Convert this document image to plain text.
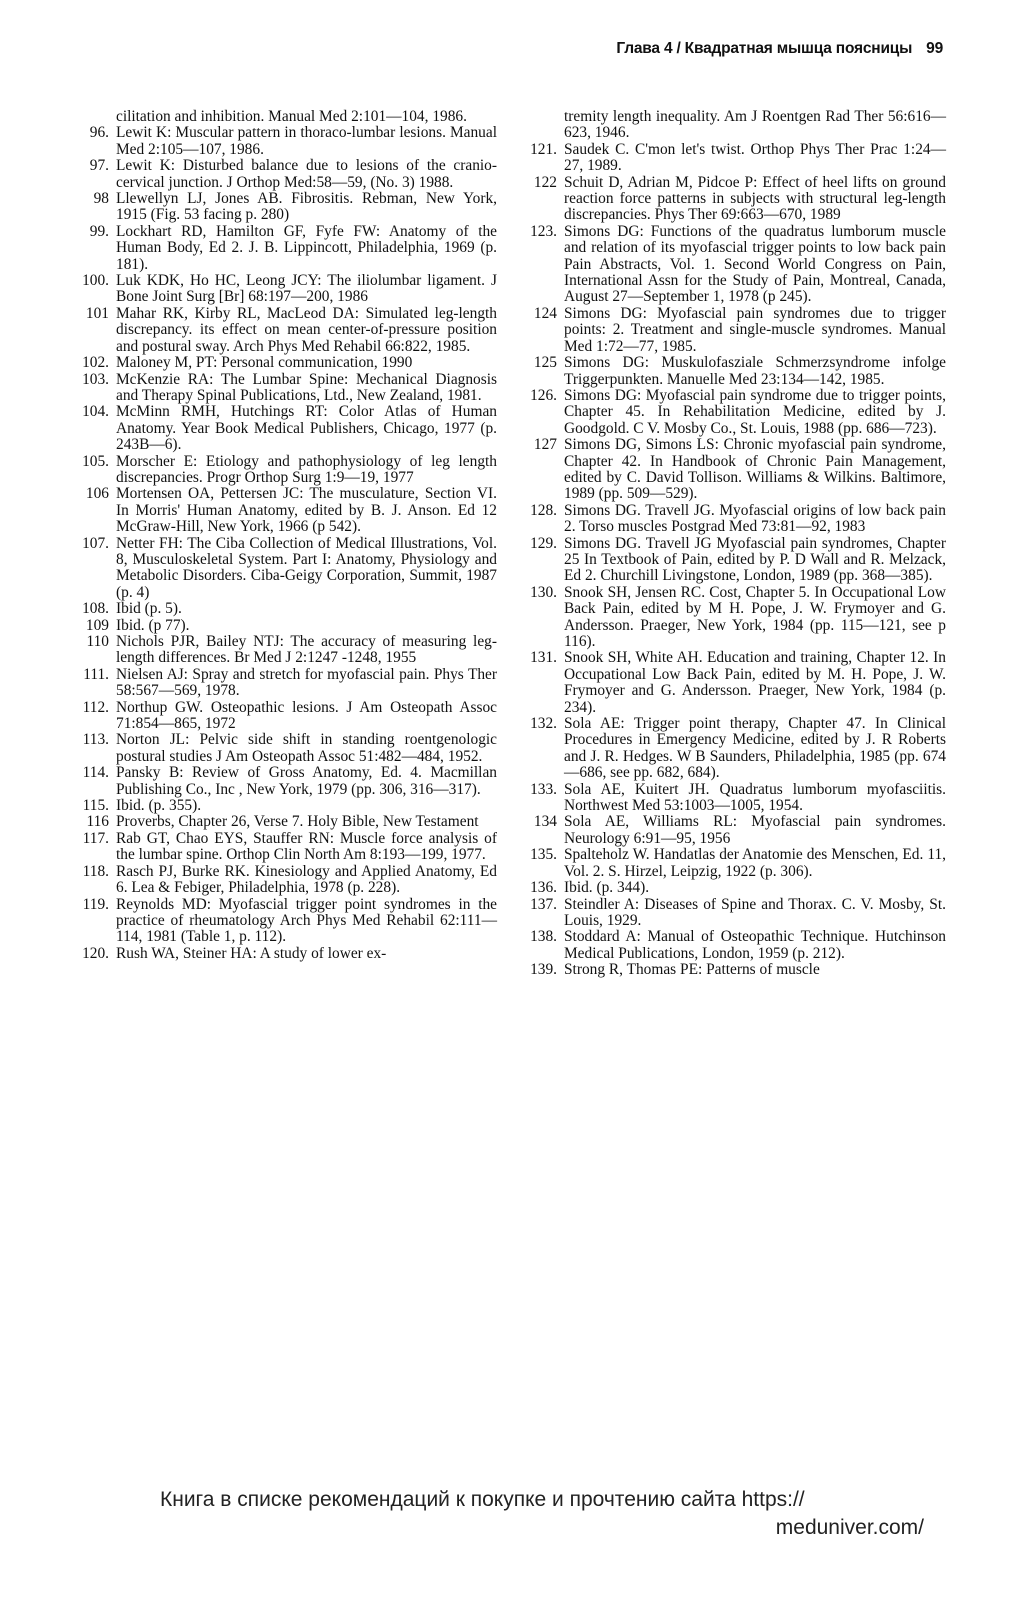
Глава 4 / Квадратная мышца поясницы 99
cilitation and inhibition. Manual Med 2:101—104, 1986.
96. Lewit K: Muscular pattern in thoraco-lumbar lesions. Manual Med 2:105—107, 1986.
97. Lewit K: Disturbed balance due to lesions of the cranio-cervical junction. J Orthop Med:58—59, (No. 3) 1988.
98 Llewellyn LJ, Jones AB. Fibrositis. Rebman, New York, 1915 (Fig. 53 facing p. 280)
99. Lockhart RD, Hamilton GF, Fyfe FW: Anatomy of the Human Body, Ed 2. J. B. Lippincott, Philadelphia, 1969 (p. 181).
100. Luk KDK, Ho HC, Leong JCY: The iliolumbar ligament. J Bone Joint Surg [Br] 68:197—200, 1986
101 Mahar RK, Kirby RL, MacLeod DA: Simulated leg-length discrepancy. its effect on mean center-of-pressure position and postural sway. Arch Phys Med Rehabil 66:822, 1985.
102. Maloney M, PT: Personal communication, 1990
103. McKenzie RA: The Lumbar Spine: Mechanical Diagnosis and Therapy Spinal Publications, Ltd., New Zealand, 1981.
104. McMinn RMH, Hutchings RT: Color Atlas of Human Anatomy. Year Book Medical Publishers, Chicago, 1977 (p. 243B—6).
105. Morscher E: Etiology and pathophysiology of leg length discrepancies. Progr Orthop Surg 1:9—19, 1977
106 Mortensen OA, Pettersen JC: The musculature, Section VI. In Morris' Human Anatomy, edited by B. J. Anson. Ed 12 McGraw-Hill, New York, 1966 (p 542).
107. Netter FH: The Ciba Collection of Medical Illustrations, Vol. 8, Musculoskeletal System. Part I: Anatomy, Physiology and Metabolic Disorders. Ciba-Geigy Corporation, Summit, 1987 (p. 4)
108. Ibid (p. 5).
109 Ibid. (p 77).
110 Nichols PJR, Bailey NTJ: The accuracy of measuring leg-length differences. Br Med J 2:1247 -1248, 1955
111. Nielsen AJ: Spray and stretch for myofascial pain. Phys Ther 58:567—569, 1978.
112. Northup GW. Osteopathic lesions. J Am Osteopath Assoc 71:854—865, 1972
113. Norton JL: Pelvic side shift in standing roentgenologic postural studies J Am Osteopath Assoc 51:482—484, 1952.
114. Pansky B: Review of Gross Anatomy, Ed. 4. Macmillan Publishing Co., Inc , New York, 1979 (pp. 306, 316—317).
115. Ibid. (p. 355).
116 Proverbs, Chapter 26, Verse 7. Holy Bible, New Testament
117. Rab GT, Chao EYS, Stauffer RN: Muscle force analysis of the lumbar spine. Orthop Clin North Am 8:193—199, 1977.
118. Rasch PJ, Burke RK. Kinesiology and Applied Anatomy, Ed 6. Lea & Febiger, Philadelphia, 1978 (p. 228).
119. Reynolds MD: Myofascial trigger point syndromes in the practice of rheumatology Arch Phys Med Rehabil 62:111—114, 1981 (Table 1, p. 112).
120. Rush WA, Steiner HA: A study of lower ex-
tremity length inequality. Am J Roentgen Rad Ther 56:616—623, 1946.
121. Saudek C. C'mon let's twist. Orthop Phys Ther Prac 1:24—27, 1989.
122 Schuit D, Adrian M, Pidcoe P: Effect of heel lifts on ground reaction force patterns in subjects with structural leg-length discrepancies. Phys Ther 69:663—670, 1989
123. Simons DG: Functions of the quadratus lumborum muscle and relation of its myofascial trigger points to low back pain Pain Abstracts, Vol. 1. Second World Congress on Pain, International Assn for the Study of Pain, Montreal, Canada, August 27—September 1, 1978 (p 245).
124 Simons DG: Myofascial pain syndromes due to trigger points: 2. Treatment and single-muscle syndromes. Manual Med 1:72—77, 1985.
125 Simons DG: Muskulofasziale Schmerzsyndrome infolge Triggerpunkten. Manuelle Med 23:134—142, 1985.
126. Simons DG: Myofascial pain syndrome due to trigger points, Chapter 45. In Rehabilitation Medicine, edited by J. Goodgold. C V. Mosby Co., St. Louis, 1988 (pp. 686—723).
127 Simons DG, Simons LS: Chronic myofascial pain syndrome, Chapter 42. In Handbook of Chronic Pain Management, edited by C. David Tollison. Williams & Wilkins. Baltimore, 1989 (pp. 509—529).
128. Simons DG. Travell JG. Myofascial origins of low back pain 2. Torso muscles Postgrad Med 73:81—92, 1983
129. Simons DG. Travell JG Myofascial pain syndromes, Chapter 25 In Textbook of Pain, edited by P. D Wall and R. Melzack, Ed 2. Churchill Livingstone, London, 1989 (pp. 368—385).
130. Snook SH, Jensen RC. Cost, Chapter 5. In Occupational Low Back Pain, edited by M H. Pope, J. W. Frymoyer and G. Andersson. Praeger, New York, 1984 (pp. 115—121, see p 116).
131. Snook SH, White AH. Education and training, Chapter 12. In Occupational Low Back Pain, edited by M. H. Pope, J. W. Frymoyer and G. Andersson. Praeger, New York, 1984 (p. 234).
132. Sola AE: Trigger point therapy, Chapter 47. In Clinical Procedures in Emergency Medicine, edited by J. R Roberts and J. R. Hedges. W B Saunders, Philadelphia, 1985 (pp. 674—686, see pp. 682, 684).
133. Sola AE, Kuitert JH. Quadratus lumborum myofasciitis. Northwest Med 53:1003—1005, 1954.
134 Sola AE, Williams RL: Myofascial pain syndromes. Neurology 6:91—95, 1956
135. Spalteholz W. Handatlas der Anatomie des Menschen, Ed. 11, Vol. 2. S. Hirzel, Leipzig, 1922 (p. 306).
136. Ibid. (p. 344).
137. Steindler A: Diseases of Spine and Thorax. C. V. Mosby, St. Louis, 1929.
138. Stoddard A: Manual of Osteopathic Technique. Hutchinson Medical Publications, London, 1959 (p. 212).
139. Strong R, Thomas PE: Patterns of muscle
Книга в списке рекомендаций к покупке и прочтению сайта https://
meduniver.com/
